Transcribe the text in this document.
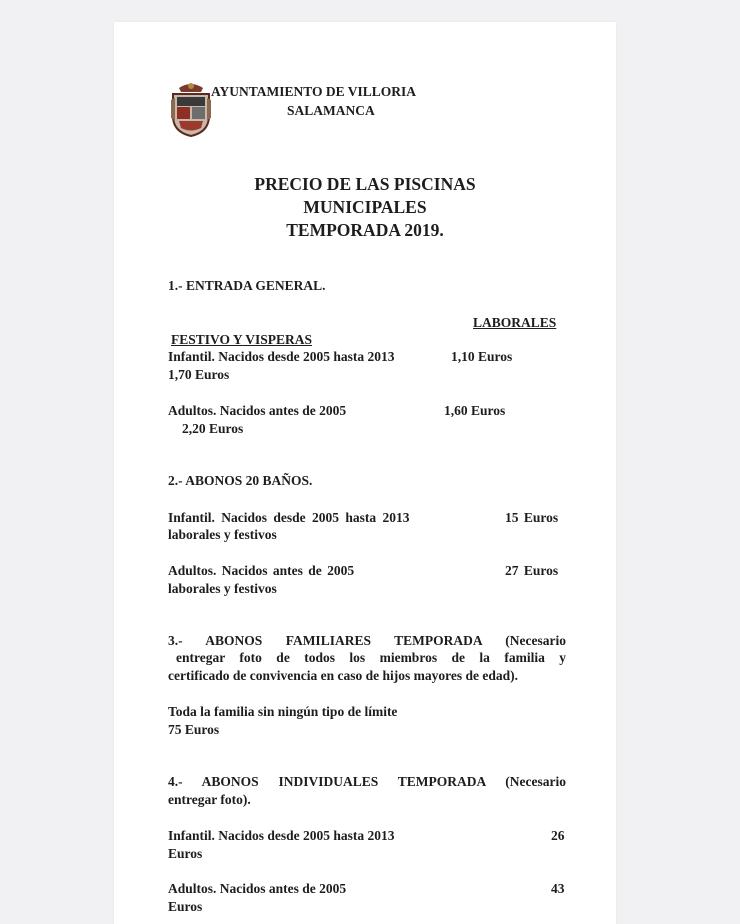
AYUNTAMIENTO DE VILLORIA
SALAMANCA
PRECIO DE LAS PISCINAS
MUNICIPALES
TEMPORADA 2019.
1.- ENTRADA GENERAL.
LABORALES
FESTIVO Y VISPERAS
Infantil. Nacidos desde 2005 hasta 2013	1,10 Euros
1,70 Euros
Adultos. Nacidos antes de 2005	1,60 Euros
2,20 Euros
2.- ABONOS 20 BAÑOS.
Infantil. Nacidos desde 2005 hasta 2013	15 Euros
laborales y festivos
Adultos. Nacidos antes de 2005	27 Euros
laborales y festivos
3.- ABONOS FAMILIARES TEMPORADA (Necesario
entregar foto de todos los miembros de la familia y
certificado de convivencia en caso de hijos mayores de edad).
Toda la familia sin ningún tipo de límite
75 Euros
4.- ABONOS INDIVIDUALES TEMPORADA (Necesario
entregar foto).
Infantil. Nacidos desde 2005 hasta 2013	26
Euros
Adultos. Nacidos antes de 2005	43
Euros
